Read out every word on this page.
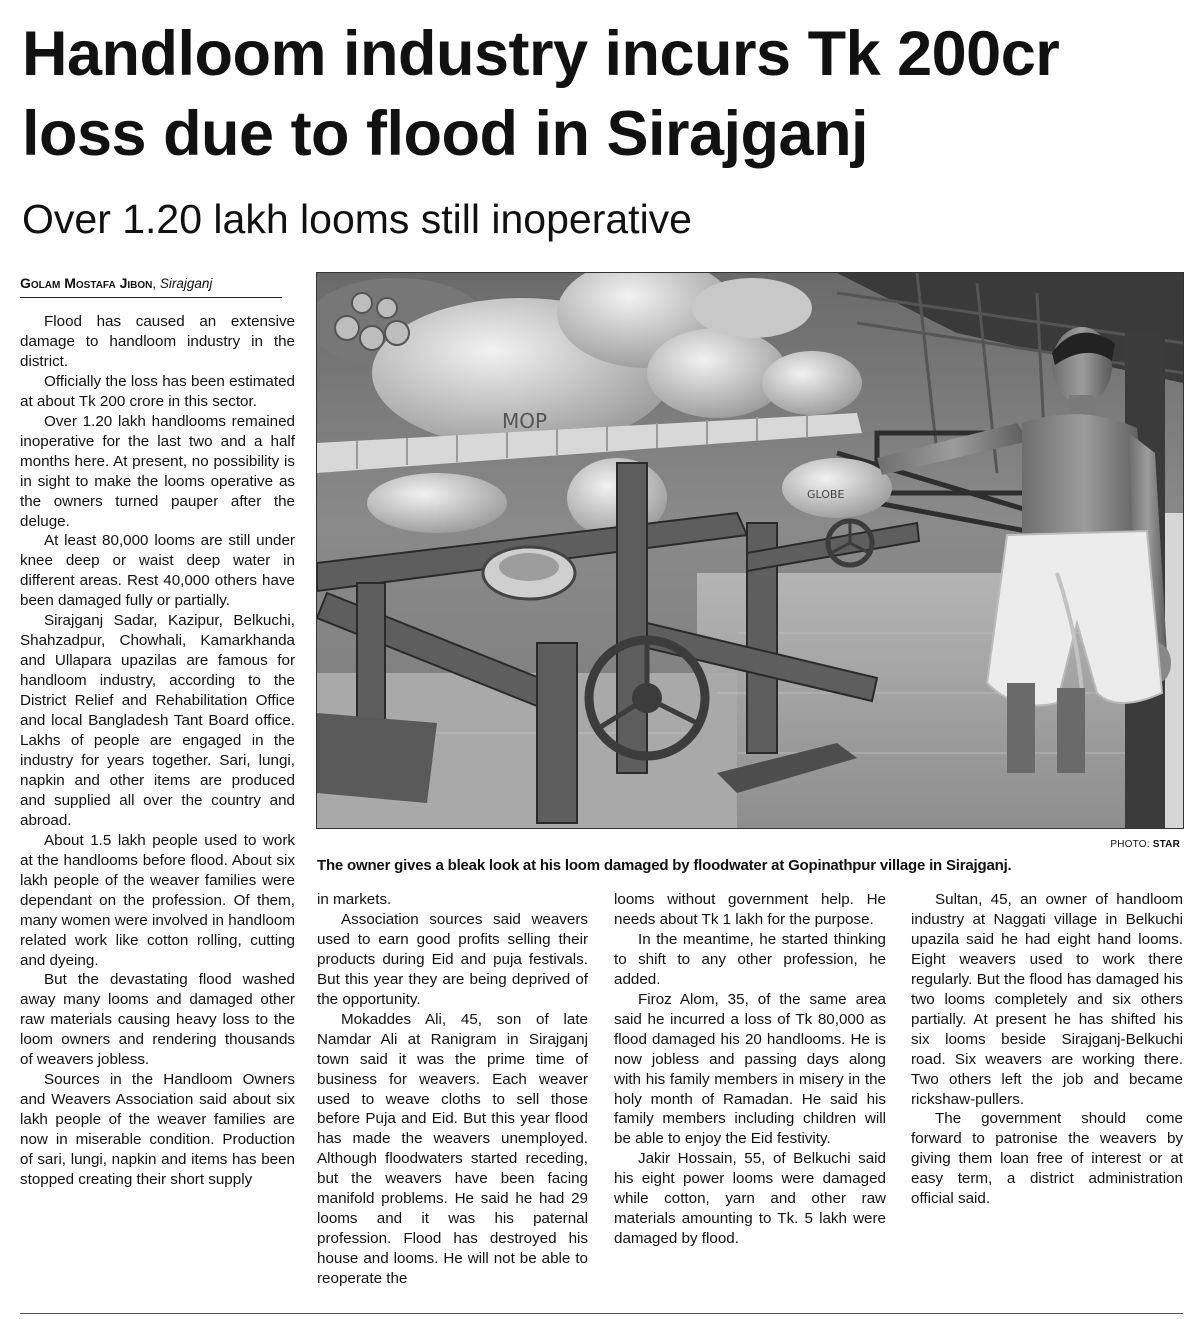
Handloom industry incurs Tk 200cr
loss due to flood in Sirajganj
Over 1.20 lakh looms still inoperative
Golam Mostafa Jibon, Sirajganj

Flood has caused an extensive damage to handloom industry in the district.

Officially the loss has been estimated at about Tk 200 crore in this sector.

Over 1.20 lakh handlooms remained inoperative for the last two and a half months here. At present, no possibility is in sight to make the looms operative as the owners turned pauper after the deluge.

At least 80,000 looms are still under knee deep or waist deep water in different areas. Rest 40,000 others have been damaged fully or partially.

Sirajganj Sadar, Kazipur, Belkuchi, Shahzadpur, Chowhali, Kamarkhanda and Ullapara upazilas are famous for handloom industry, according to the District Relief and Rehabilitation Office and local Bangladesh Tant Board office. Lakhs of people are engaged in the industry for years together. Sari, lungi, napkin and other items are produced and supplied all over the country and abroad.

About 1.5 lakh people used to work at the handlooms before flood. About six lakh people of the weaver families were dependant on the profession. Of them, many women were involved in handloom related work like cotton rolling, cutting and dyeing.

But the devastating flood washed away many looms and damaged other raw materials causing heavy loss to the loom owners and rendering thousands of weavers jobless.

Sources in the Handloom Owners and Weavers Association said about six lakh people of the weaver families are now in miserable condition. Production of sari, lungi, napkin and items has been stopped creating their short supply

MOP
GLOBE
PHOTO: STAR
The owner gives a bleak look at his loom damaged by floodwater at Gopinathpur village in Sirajganj.

in markets.

Association sources said weavers used to earn good profits selling their products during Eid and puja festivals. But this year they are being deprived of the opportunity.

Mokaddes Ali, 45, son of late Namdar Ali at Ranigram in Sirajganj town said it was the prime time of business for weavers. Each weaver used to weave cloths to sell those before Puja and Eid. But this year flood has made the weavers unemployed. Although floodwaters started receding, but the weavers have been facing manifold problems. He said he had 29 looms and it was his paternal profession. Flood has destroyed his house and looms. He will not be able to reoperate the

looms without government help. He needs about Tk 1 lakh for the purpose.

In the meantime, he started thinking to shift to any other profession, he added.

Firoz Alom, 35, of the same area said he incurred a loss of Tk 80,000 as flood damaged his 20 handlooms. He is now jobless and passing days along with his family members in misery in the holy month of Ramadan. He said his family members including children will be able to enjoy the Eid festivity.

Jakir Hossain, 55, of Belkuchi said his eight power looms were damaged while cotton, yarn and other raw materials amounting to Tk. 5 lakh were damaged by flood.

Sultan, 45, an owner of handloom industry at Naggati village in Belkuchi upazila said he had eight hand looms. Eight weavers used to work there regularly. But the flood has damaged his two looms completely and six others partially. At present he has shifted his six looms beside Sirajganj-Belkuchi road. Six weavers are working there. Two others left the job and became rickshaw-pullers.

The government should come forward to patronise the weavers by giving them loan free of interest or at easy term, a district administration official said.
